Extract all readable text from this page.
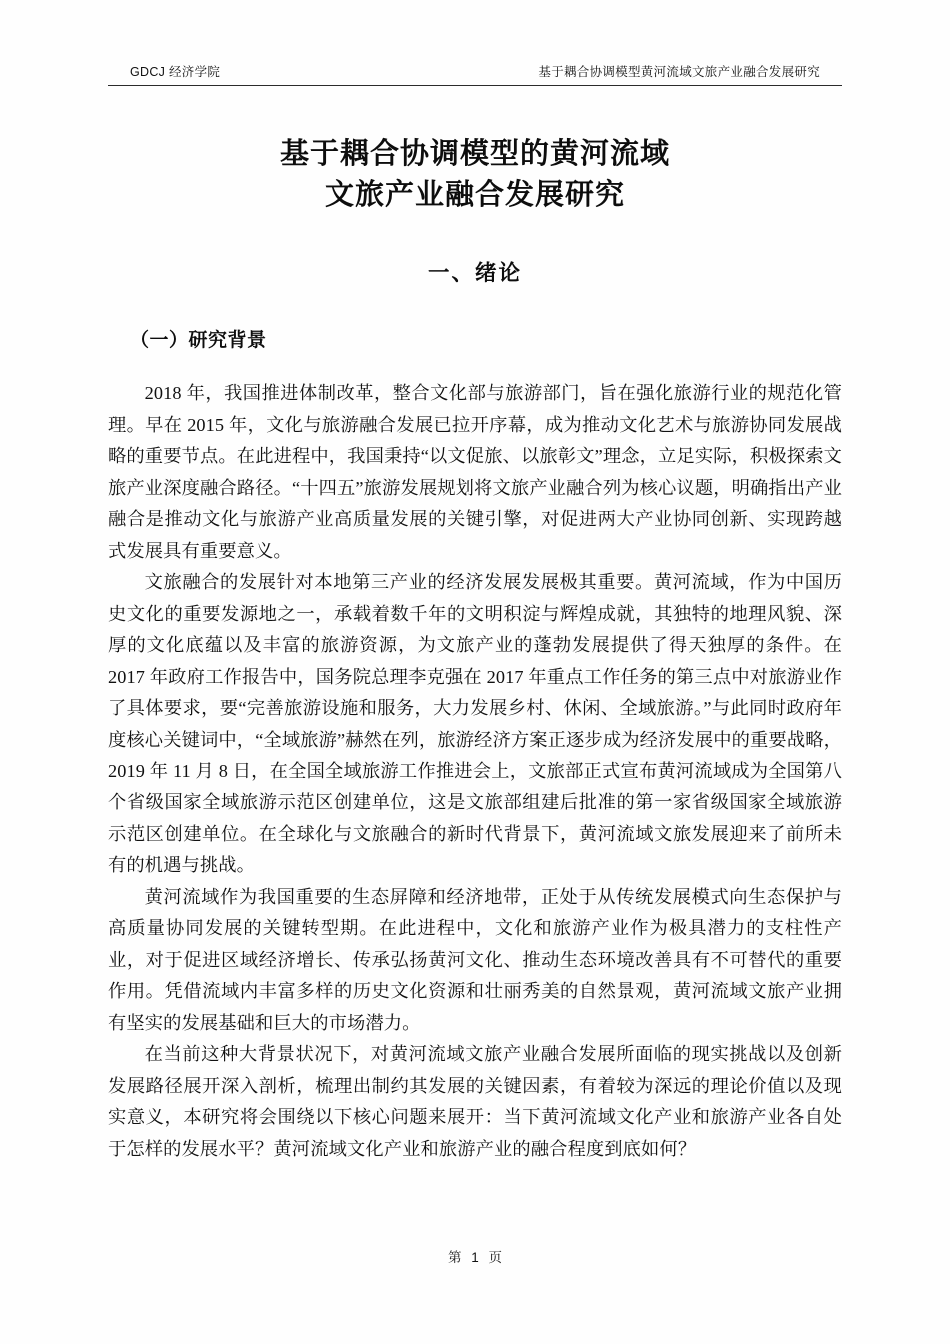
GDCJ 经济学院	基于耦合协调模型黄河流域文旅产业融合发展研究
基于耦合协调模型的黄河流域
文旅产业融合发展研究
一、绪论
（一）研究背景

2018 年，我国推进体制改革，整合文化部与旅游部门，旨在强化旅游行业的规范化管理。早在 2015 年，文化与旅游融合发展已拉开序幕，成为推动文化艺术与旅游协同发展战略的重要节点。在此进程中，我国秉持“以文促旅、以旅彰文”理念，立足实际，积极探索文旅产业深度融合路径。“十四五”旅游发展规划将文旅产业融合列为核心议题，明确指出产业融合是推动文化与旅游产业高质量发展的关键引擎，对促进两大产业协同创新、实现跨越式发展具有重要意义。

文旅融合的发展针对本地第三产业的经济发展发展极其重要。黄河流域，作为中国历史文化的重要发源地之一，承载着数千年的文明积淀与辉煌成就，其独特的地理风貌、深厚的文化底蕴以及丰富的旅游资源，为文旅产业的蓬勃发展提供了得天独厚的条件。在 2017 年政府工作报告中，国务院总理李克强在 2017 年重点工作任务的第三点中对旅游业作了具体要求，要“完善旅游设施和服务，大力发展乡村、休闲、全域旅游。”与此同时政府年度核心关键词中，“全域旅游”赫然在列，旅游经济方案正逐步成为经济发展中的重要战略，2019 年 11 月 8 日，在全国全域旅游工作推进会上，文旅部正式宣布黄河流域成为全国第八个省级国家全域旅游示范区创建单位，这是文旅部组建后批准的第一家省级国家全域旅游示范区创建单位。在全球化与文旅融合的新时代背景下，黄河流域文旅发展迎来了前所未有的机遇与挑战。

黄河流域作为我国重要的生态屏障和经济地带，正处于从传统发展模式向生态保护与高质量协同发展的关键转型期。在此进程中，文化和旅游产业作为极具潜力的支柱性产业，对于促进区域经济增长、传承弘扬黄河文化、推动生态环境改善具有不可替代的重要作用。凭借流域内丰富多样的历史文化资源和壮丽秀美的自然景观，黄河流域文旅产业拥有坚实的发展基础和巨大的市场潜力。

在当前这种大背景状况下，对黄河流域文旅产业融合发展所面临的现实挑战以及创新发展路径展开深入剖析，梳理出制约其发展的关键因素，有着较为深远的理论价值以及现实意义，本研究将会围绕以下核心问题来展开：当下黄河流域文化产业和旅游产业各自处于怎样的发展水平？黄河流域文化产业和旅游产业的融合程度到底如何？

第 1 页
